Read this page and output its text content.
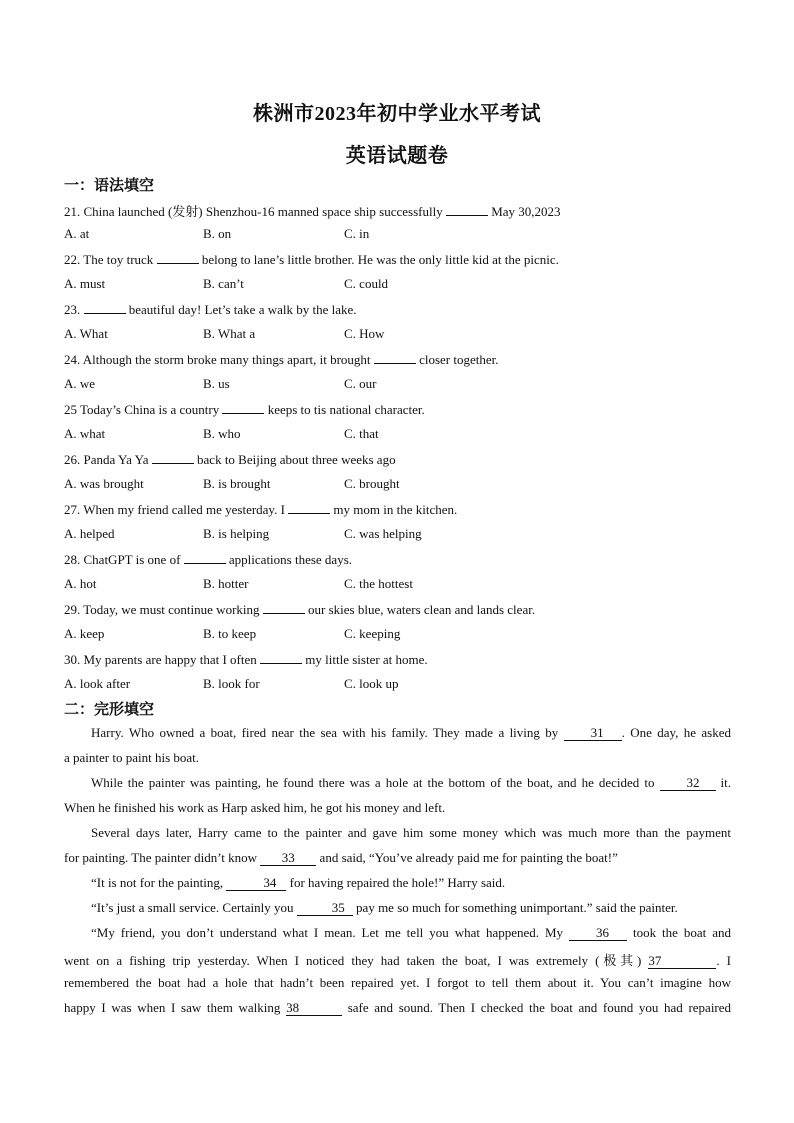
株洲市2023年初中学业水平考试
英语试题卷
一：语法填空
21. China launched (发射) Shenzhou-16 manned space ship successfully	May 30,2023
A. at	B. on	C. in
22. The toy truck	belong to lane’s little brother. He was the only little kid at the picnic.
A. must	B. can’t	C. could
23.	beautiful day! Let’s take a walk by the lake.
A. What	B. What a	C. How
24. Although the storm broke many things apart, it brought	closer together.
A. we	B. us	C. our
25 Today’s China is a country	keeps to tis national character.
A. what	B. who	C. that
26. Panda Ya Ya	back to Beijing about three weeks ago
A. was brought	B. is brought	C. brought
27. When my friend called me yesterday. I	my mom in the kitchen.
A. helped	B. is helping	C. was helping
28. ChatGPT is one of	applications these days.
A. hot	B. hotter	C. the hottest
29. Today, we must continue working	our skies blue, waters clean and lands clear.
A. keep	B. to keep	C. keeping
30. My parents are happy that I often	my little sister at home.
A. look after	B. look for	C. look up
二：完形填空
Harry. Who owned a boat, fired near the sea with his family. They made a living by 31 . One day, he asked
a painter to paint his boat.
While the painter was painting, he found there was a hole at the bottom of the boat, and he decided to 32 it.
When he finished his work as Harp asked him, he got his money and left.
Several days later, Harry came to the painter and gave him some money which was much more than the payment
for painting. The painter didn’t know 33 and said, “You’ve already paid me for painting the boat!”
“It is not for the painting,	34 for having repaired the hole!” Harry said.
“It’s just a small service. Certainly you	35 pay me so much for something unimportant.” said the painter.
“My friend, you don’t understand what I mean. Let me tell you what happened. My	36 took the boat and
went on a fishing trip yesterday. When I noticed they had taken the boat, I was extremely (极其) 37	. I
remembered the boat had a hole that hadn’t been repaired yet. I forgot to tell them about it. You can’t imagine how
happy I was when I saw them walking 38	safe and sound. Then I checked the boat and found you had repaired
